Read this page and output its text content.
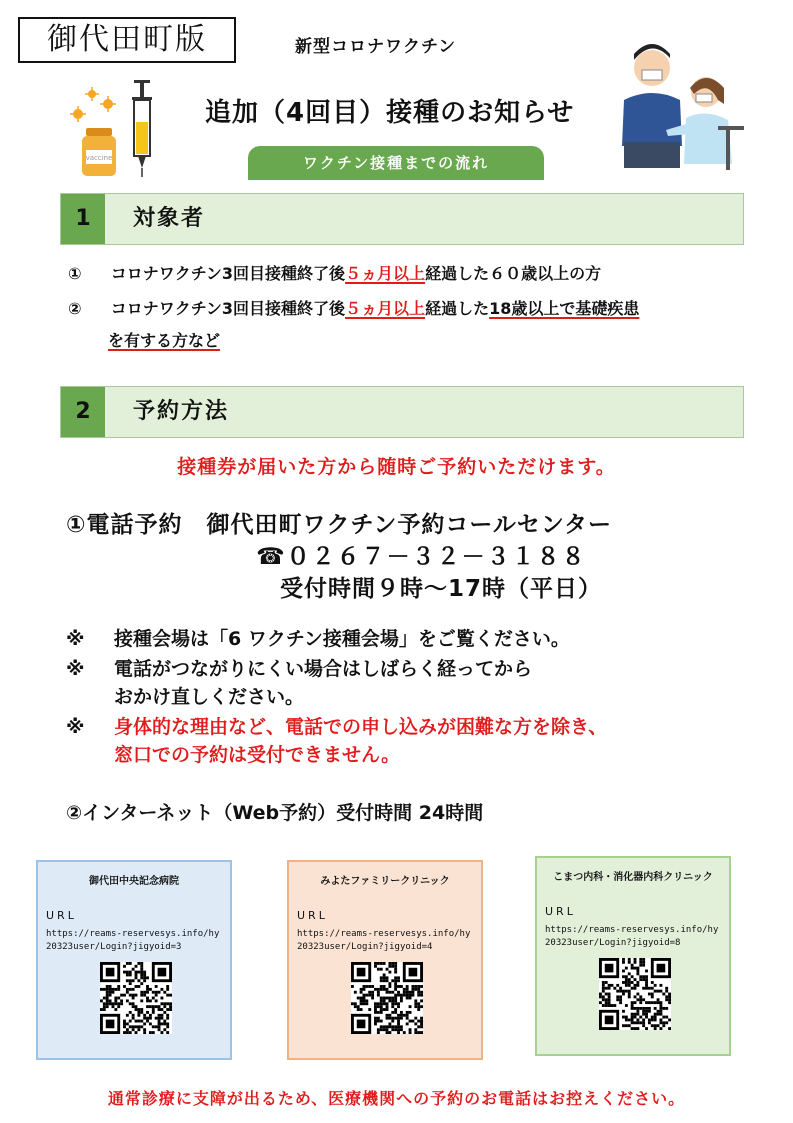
御代田町版	新型コロナワクチン
追加（4回目）接種のお知らせ
vaccine	ワクチン接種までの流れ
1	対象者
① コロナワクチン3回目接種終了後５ヵ月以上経過した６０歳以上の方
② コロナワクチン3回目接種終了後５ヵ月以上経過した18歳以上で基礎疾患
を有する方など
2	予約方法
接種券が届いた方から随時ご予約いただけます。
①電話予約　御代田町ワクチン予約コールセンター
☎０２６７－３２－３１８８
受付時間９時～17時（平日）
※ 接種会場は「6 ワクチン接種会場」をご覧ください。
※ 電話がつながりにくい場合はしばらく経ってから
おかけ直しください。
※ 身体的な理由など、電話での申し込みが困難な方を除き、
窓口での予約は受付できません。
②インターネット（Web予約）受付時間 24時間
御代田中央記念病院
URL
https://reams-reservesys.info/hy20323user/Login?jigyoid=3
みよたファミリークリニック
URL
https://reams-reservesys.info/hy20323user/Login?jigyoid=4
こまつ内科・消化器内科クリニック
URL
https://reams-reservesys.info/hy20323user/Login?jigyoid=8
通常診療に支障が出るため、医療機関への予約のお電話はお控えください。
